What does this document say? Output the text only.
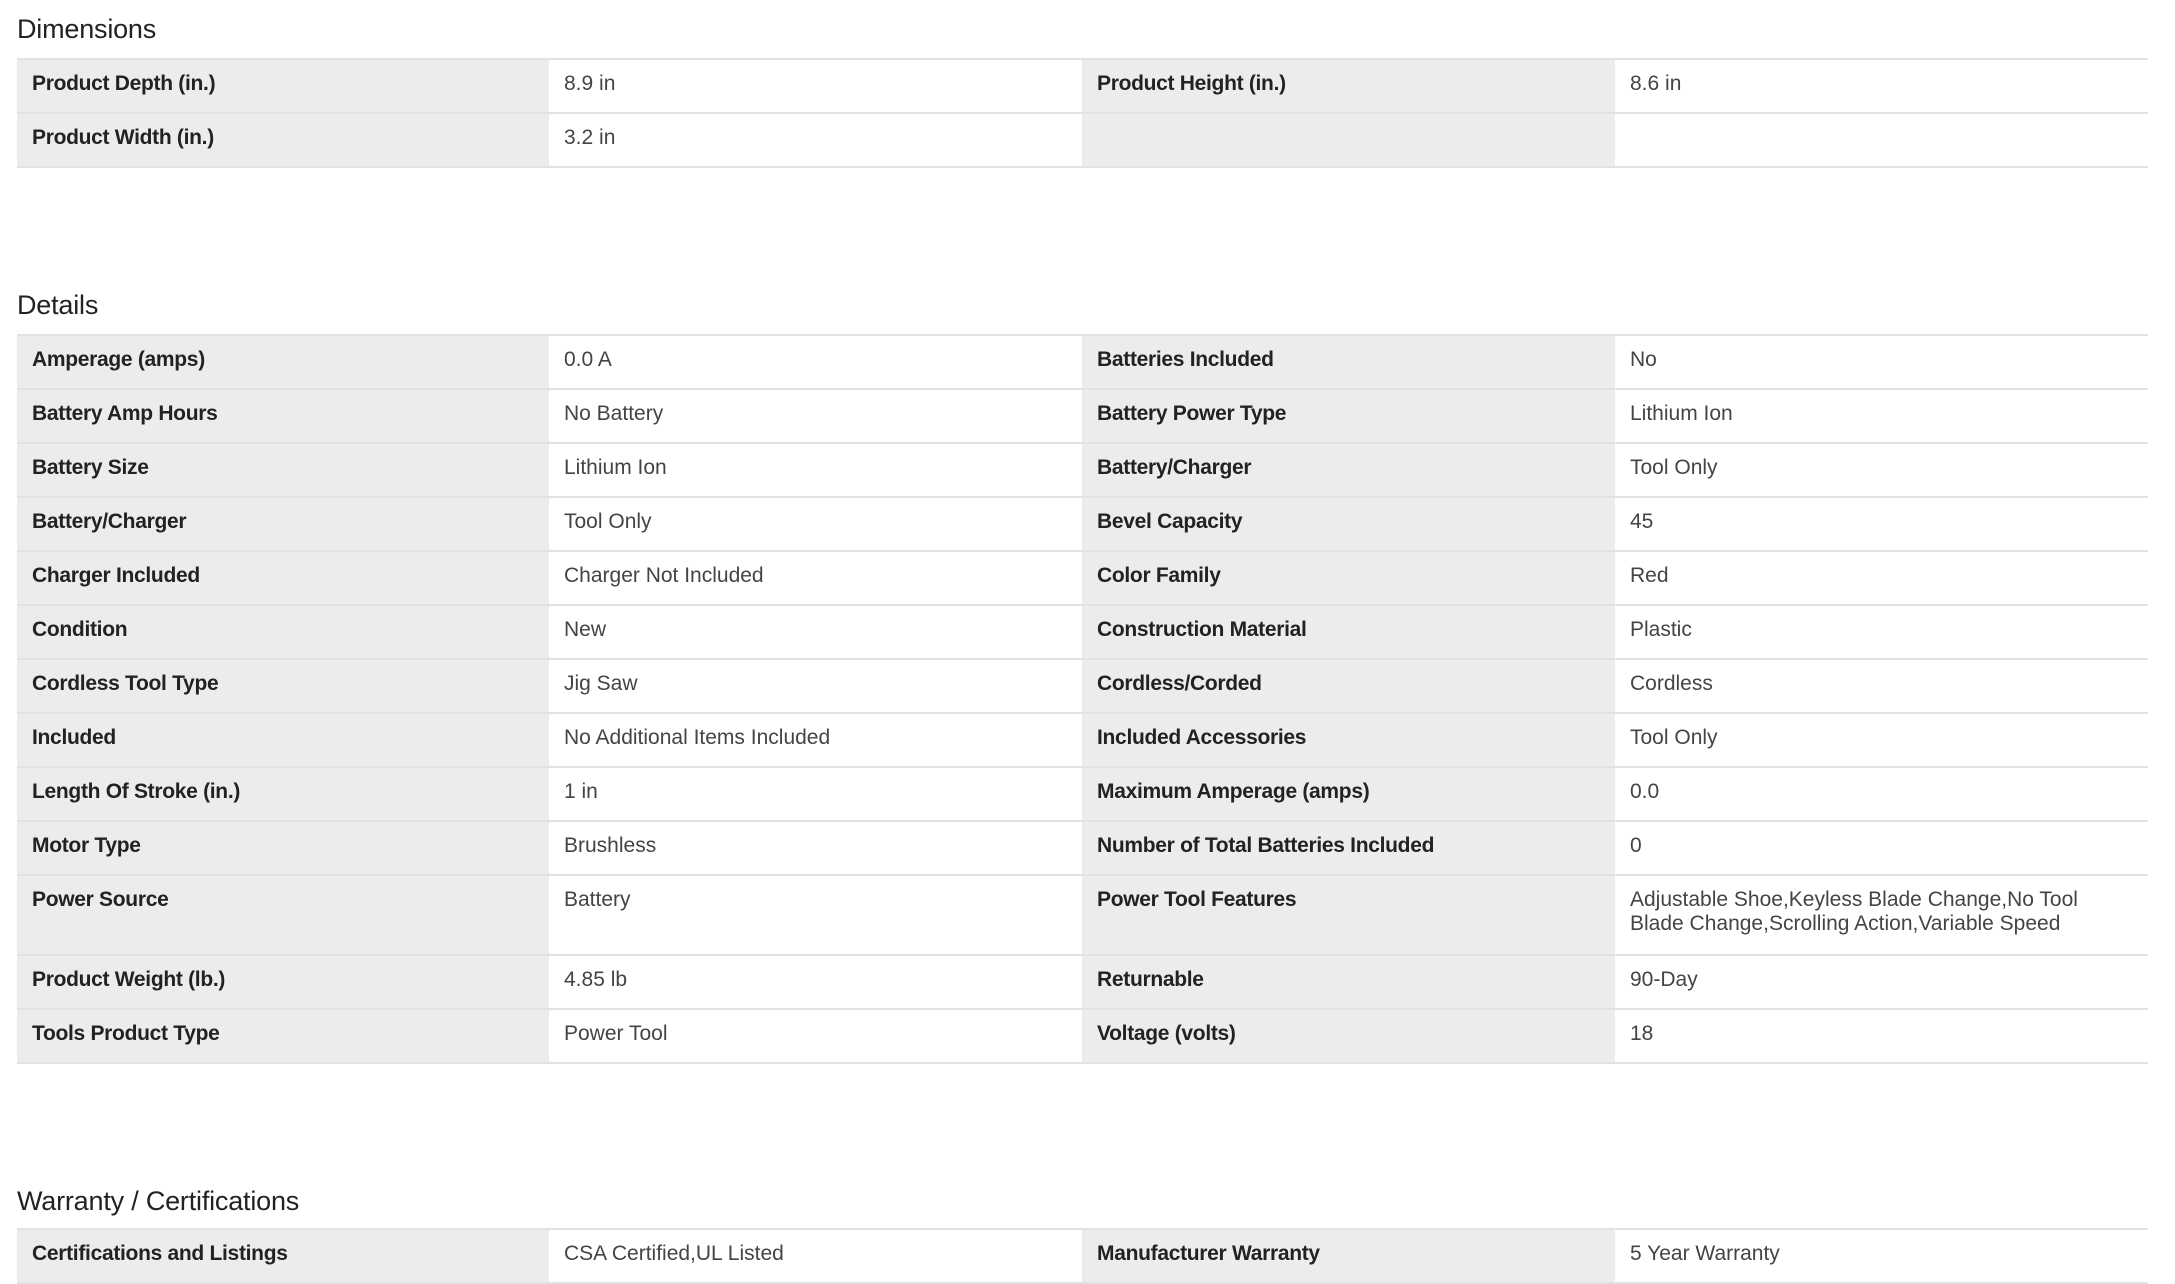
Dimensions
Product Depth (in.)	8.9 in	Product Height (in.)	8.6 in
Product Width (in.)	3.2 in		
Details
Amperage (amps)	0.0 A	Batteries Included	No
Battery Amp Hours	No Battery	Battery Power Type	Lithium Ion
Battery Size	Lithium Ion	Battery/Charger	Tool Only
Battery/Charger	Tool Only	Bevel Capacity	45
Charger Included	Charger Not Included	Color Family	Red
Condition	New	Construction Material	Plastic
Cordless Tool Type	Jig Saw	Cordless/Corded	Cordless
Included	No Additional Items Included	Included Accessories	Tool Only
Length Of Stroke (in.)	1 in	Maximum Amperage (amps)	0.0
Motor Type	Brushless	Number of Total Batteries Included	0
Power Source	Battery	Power Tool Features	Adjustable Shoe,Keyless Blade Change,No Tool Blade Change,Scrolling Action,Variable Speed
Product Weight (lb.)	4.85 lb	Returnable	90-Day
Tools Product Type	Power Tool	Voltage (volts)	18
Warranty / Certifications
Certifications and Listings	CSA Certified,UL Listed	Manufacturer Warranty	5 Year Warranty
